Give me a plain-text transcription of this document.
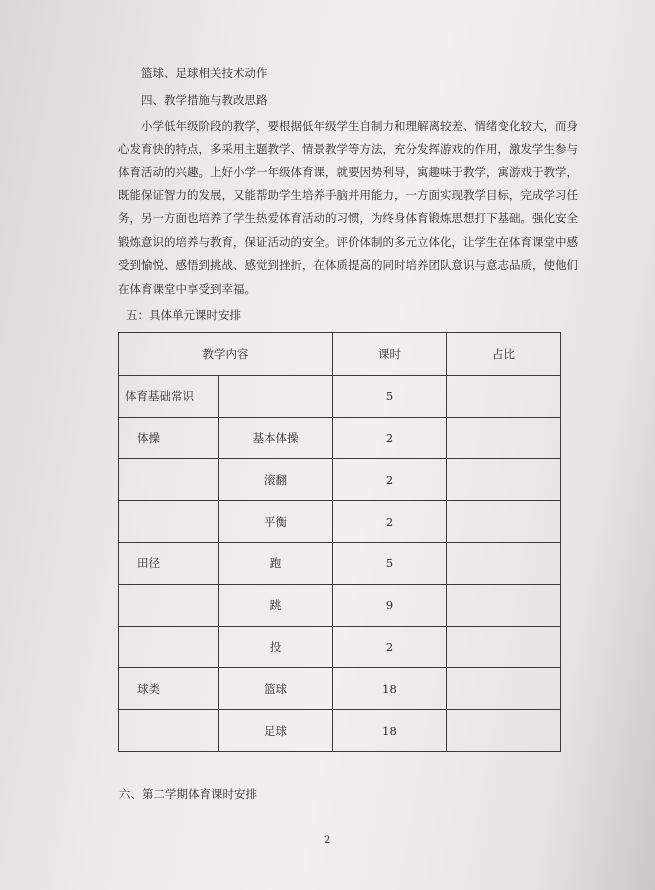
篮球、足球相关技术动作
四、教学措施与教改思路
小学低年级阶段的教学，要根据低年级学生自制力和理解离较差、情绪变化较大，而身
心发育快的特点，多采用主题教学、情景教学等方法，充分发挥游戏的作用，激发学生参与
体育活动的兴趣。上好小学一年级体育课，就要因势利导，寓趣味于教学，寓游戏于教学，
既能保证智力的发展，又能帮助学生培养手脑并用能力，一方面实现教学目标，完成学习任
务，另一方面也培养了学生热爱体育活动的习惯，为终身体育锻炼思想打下基础。强化安全
锻炼意识的培养与教育，保证活动的安全。评价体制的多元立体化，让学生在体育课堂中感
受到愉悦、感悟到挑战、感觉到挫折，在体质提高的同时培养团队意识与意志品质，使他们
在体育课堂中享受到幸福。
五：具体单元课时安排
教学内容		课时	占比
体育基础常识		5	
体操	基本体操	2	
	滚翻	2	
	平衡	2	
田径	跑	5	
	跳	9	
	投	2	
球类	篮球	18	
	足球	18	
六、第二学期体育课时安排
2
